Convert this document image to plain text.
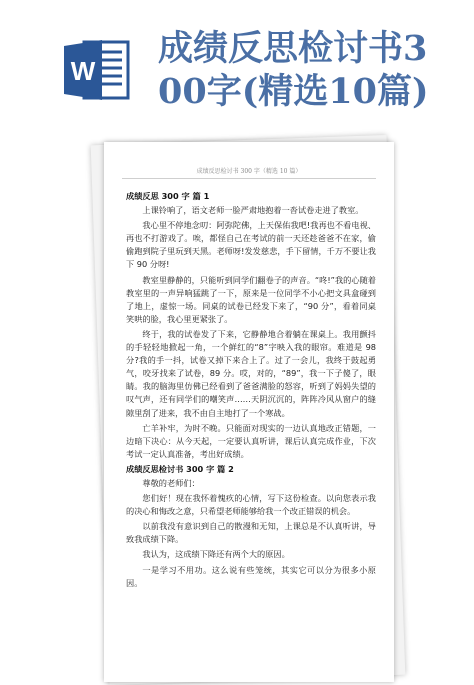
W
成绩反思检讨书3
00字(精选10篇)
成绩反思检讨书 300 字（精选 10 篇）
成绩反思 300 字 篇 1

上课铃响了，语文老师一脸严肃地抱着一沓试卷走进了教室。

我心里不停地念叨：阿弥陀佛，上天保佑我吧!我再也不看电视、再也不打游戏了。唉，都怪自己在考试的前一天还趁爸爸不在家，偷偷跑到院子里玩到天黑。老师呀!发发慈悲，手下留情，千万不要让我下 90 分呀!

教室里静静的，只能听到同学们翻卷子的声音。“咚!”我的心随着教室里的一声异响猛跳了一下，原来是一位同学不小心把文具盒碰到了地上，虚惊一场。同桌的试卷已经发下来了，“90 分”，看着同桌笑哄的脸，我心里更紧张了。

终于，我的试卷发了下来，它静静地合着躺在课桌上。我用颤抖的手轻轻地掀起一角，一个鲜红的“8”字映入我的眼帘。难道是 98 分?我的手一抖，试卷又掉下来合上了。过了一会儿，我终于鼓起勇气，咬牙找来了试卷，89 分。哎，对的，“89”，我一下子傻了，眼睛。我的脑海里仿佛已经看到了爸爸满脸的怒容，听到了妈妈失望的叹气声，还有同学们的嘲笑声……天阴沉沉的，阵阵冷风从窗户的缝隙里刮了进来，我不由自主地打了一个寒战。

亡羊补牢，为时不晚。只能面对现实的一边认真地改正错题，一边暗下决心：从今天起，一定要认真听讲，课后认真完成作业，下次考试一定认真准备，考出好成绩。

成绩反思检讨书 300 字 篇 2

尊敬的老师们：

您们好！现在我怀着愧疚的心情，写下这份检查。以向您表示我的决心和悔改之意，只希望老师能够给我一个改正错误的机会。

以前我没有意识到自己的散漫和无知，上课总是不认真听讲，导致我成绩下降。

我认为，这成绩下降还有两个大的原因。

一是学习不用功。这么说有些笼统，其实它可以分为很多小原因。
